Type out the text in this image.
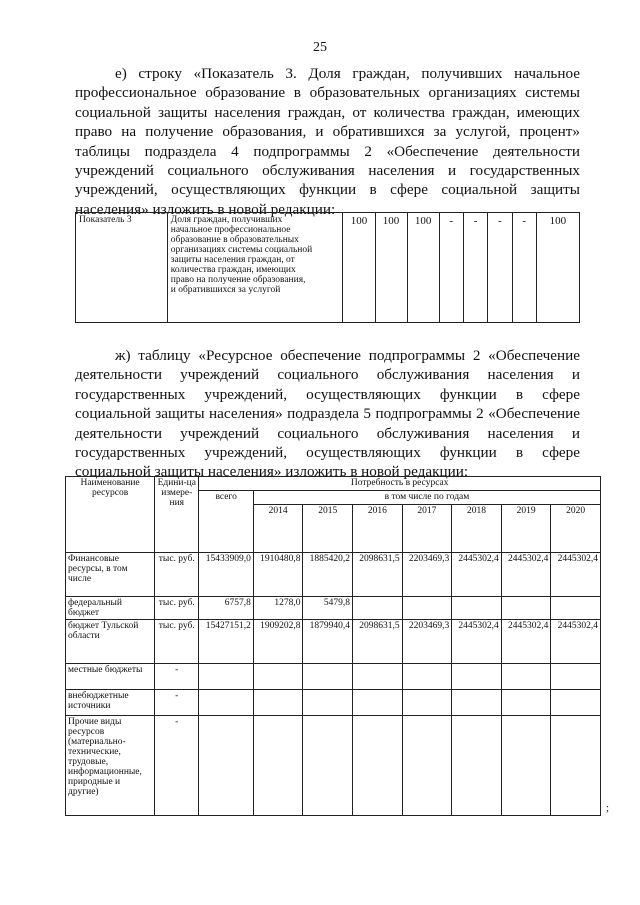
25
е) строку «Показатель 3. Доля граждан, получивших начальное
профессиональное образование в образовательных организациях системы
социальной защиты населения граждан, от количества граждан, имеющих
право на получение образования, и обратившихся за услугой, процент»
таблицы подраздела 4 подпрограммы 2 «Обеспечение деятельности
учреждений социального обслуживания населения и государственных
учреждений, осуществляющих функции в сфере социальной защиты
населения» изложить в новой редакции:
Показатель 3	Доля граждан, получивших
начальное профессиональное
образование в образовательных
организациях системы социальной
защиты населения граждан, от
количества граждан, имеющих
право на получение образования,
и обратившихся за услугой
	100	100	100	-	-	-	-	100
ж) таблицу «Ресурсное обеспечение подпрограммы 2 «Обеспечение
деятельности учреждений социального обслуживания населения и
государственных учреждений, осуществляющих функции в сфере
социальной защиты населения» подраздела 5 подпрограммы 2 «Обеспечение
деятельности учреждений социального обслуживания населения и
государственных учреждений, осуществляющих функции в сфере
социальной защиты населения» изложить в новой редакции:
Наименование ресурсов	Едини-ца измере-ния	Потребность в ресурсах							
		всего	в том числе по годам						
			2014	2015	2016	2017	2018	2019	2020
Финансовые ресурсы, в том числе	тыс. руб.	15433909,0	1910480,8	1885420,2	2098631,5	2203469,3	2445302,4	2445302,4	2445302,4
федеральный бюджет	тыс. руб.	6757,8	1278,0	5479,8					
бюджет Тульской области	тыс. руб.	15427151,2	1909202,8	1879940,4	2098631,5	2203469,3	2445302,4	2445302,4	2445302,4
местные бюджеты	-								
внебюджетные источники	-								
Прочие виды ресурсов (материально-технические, трудовые, информационные, природные и другие)	-								
;
